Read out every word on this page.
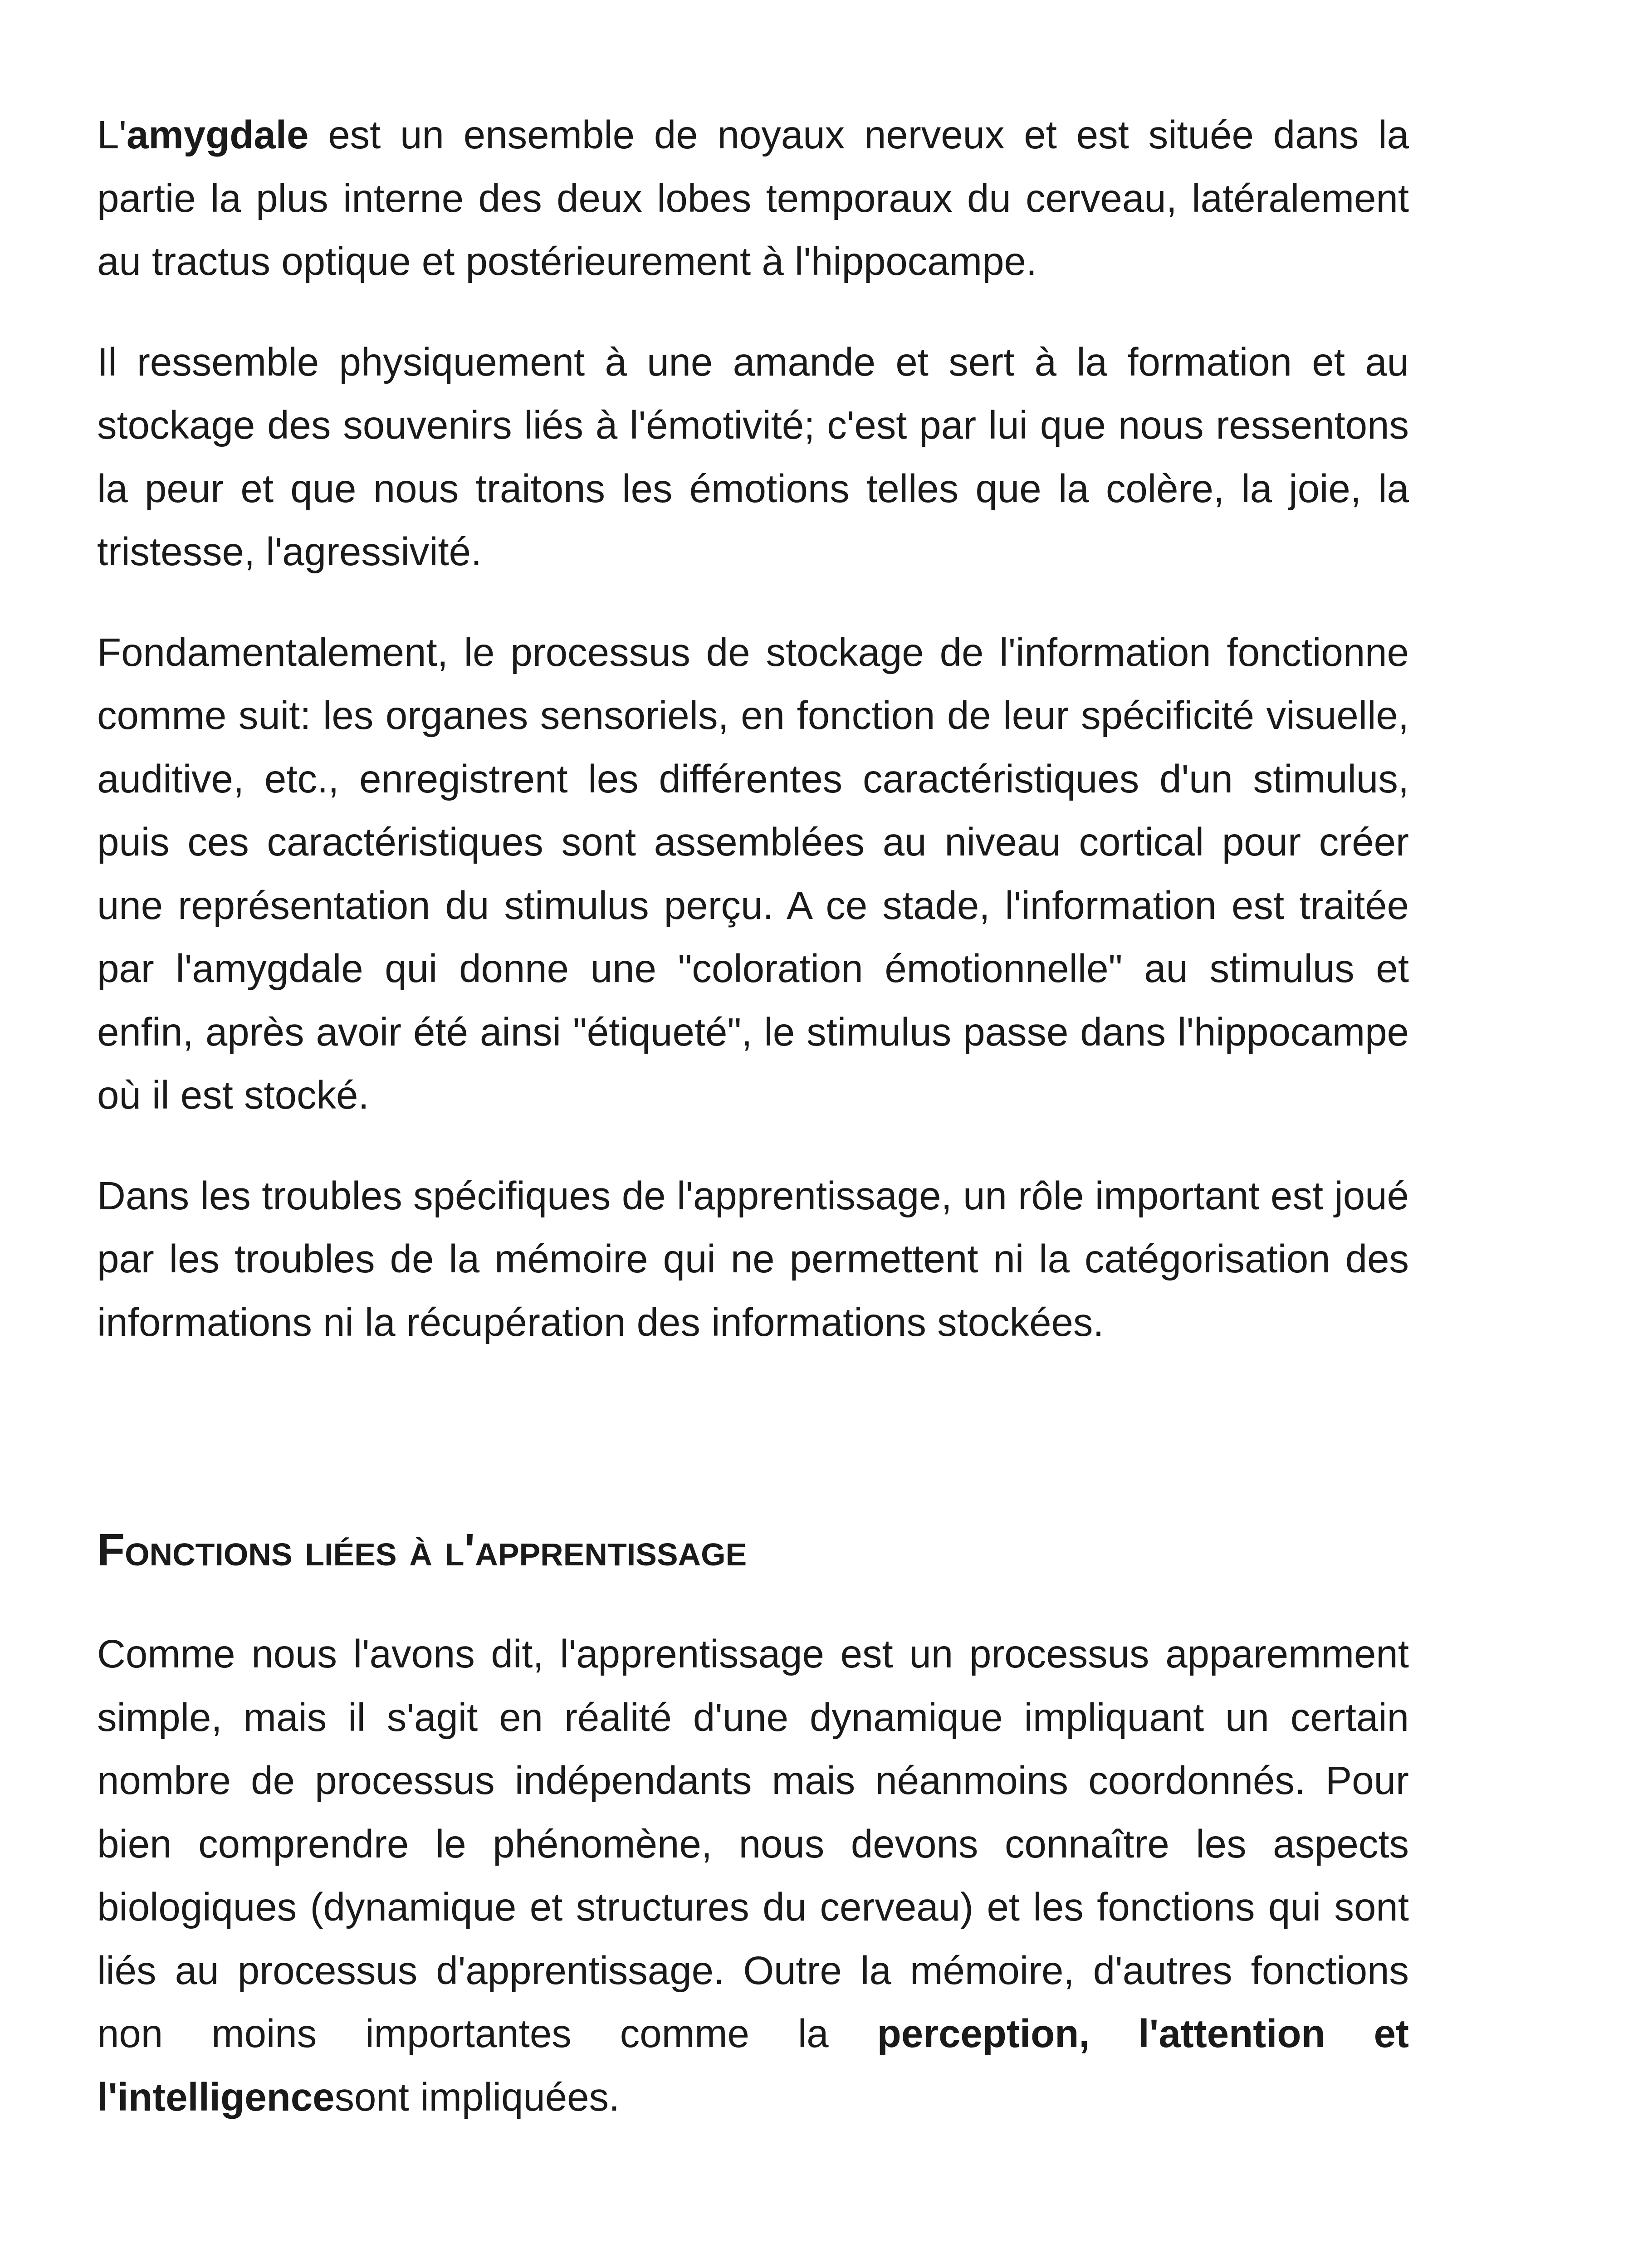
L'amygdale est un ensemble de noyaux nerveux et est située dans la partie la plus interne des deux lobes temporaux du cerveau, latéralement au tractus optique et postérieurement à l'hippocampe.

Il ressemble physiquement à une amande et sert à la formation et au stockage des souvenirs liés à l'émotivité; c'est par lui que nous ressentons la peur et que nous traitons les émotions telles que la colère, la joie, la tristesse, l'agressivité.

Fondamentalement, le processus de stockage de l'information fonctionne comme suit: les organes sensoriels, en fonction de leur spécificité visuelle, auditive, etc., enregistrent les différentes caractéristiques d'un stimulus, puis ces caractéristiques sont assemblées au niveau cortical pour créer une représentation du stimulus perçu. A ce stade, l'information est traitée par l'amygdale qui donne une "coloration émotionnelle" au stimulus et enfin, après avoir été ainsi "étiqueté", le stimulus passe dans l'hippocampe où il est stocké.

Dans les troubles spécifiques de l'apprentissage, un rôle important est joué par les troubles de la mémoire qui ne permettent ni la catégorisation des informations ni la récupération des informations stockées.

Fonctions liées à l'apprentissage

Comme nous l'avons dit, l'apprentissage est un processus apparemment simple, mais il s'agit en réalité d'une dynamique impliquant un certain nombre de processus indépendants mais néanmoins coordonnés. Pour bien comprendre le phénomène, nous devons connaître les aspects biologiques (dynamique et structures du cerveau) et les fonctions qui sont liés au processus d'apprentissage. Outre la mémoire, d'autres fonctions non moins importantes comme la perception, l'attention et l'intelligencesont impliquées.
